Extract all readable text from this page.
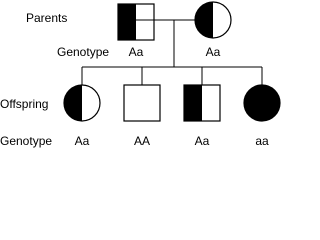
Parents
Genotype
Offspring
Genotype
Aa	Aa
Aa	AA	Aa	aa
